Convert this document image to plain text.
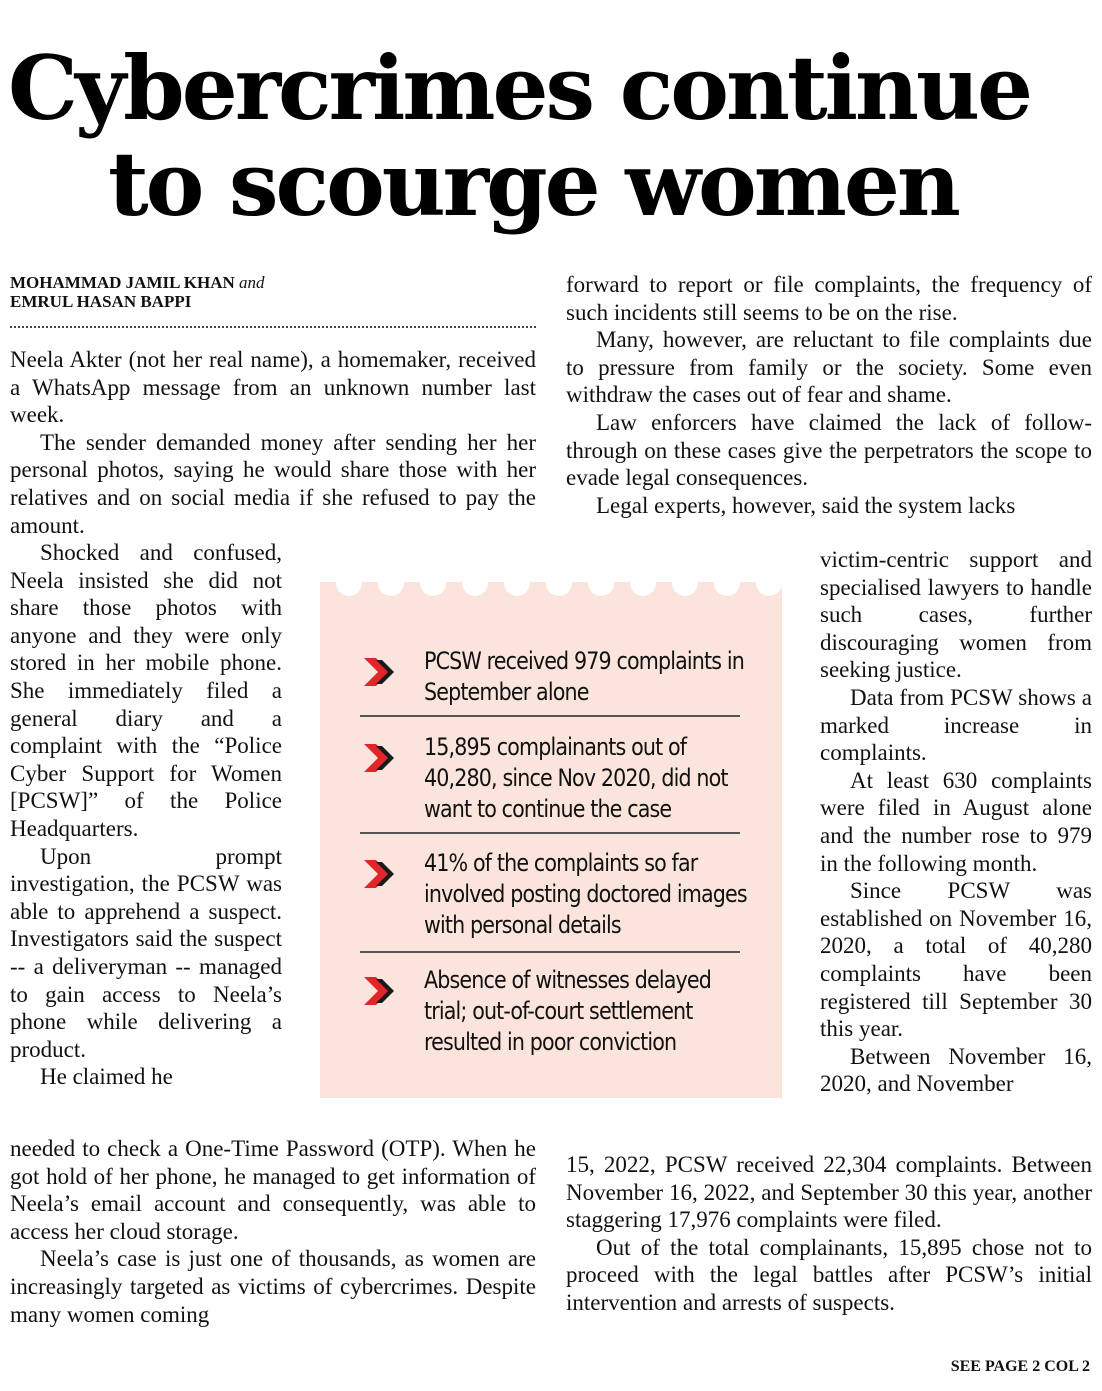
Cybercrimes continue
to scourge women
MOHAMMAD JAMIL KHAN and
EMRUL HASAN BAPPI

Neela Akter (not her real name), a homemaker, received a WhatsApp message from an unknown number last week.

The sender demanded money after sending her her personal photos, saying he would share those with her relatives and on social media if she refused to pay the amount.

Shocked and confused, Neela insisted she did not share those photos with anyone and they were only stored in her mobile phone. She immediately filed a general diary and a complaint with the “Police Cyber Support for Women [PCSW]” of the Police Headquarters.

Upon prompt investigation, the PCSW was able to apprehend a suspect. Investigators said the suspect -- a deliveryman -- managed to gain access to Neela’s phone while delivering a product.

He claimed he

needed to check a One-Time Password (OTP). When he got hold of her phone, he managed to get information of Neela’s email account and consequently, was able to access her cloud storage.

Neela’s case is just one of thousands, as women are increasingly targeted as victims of cybercrimes. Despite many women coming

forward to report or file complaints, the frequency of such incidents still seems to be on the rise.

Many, however, are reluctant to file complaints due to pressure from family or the society. Some even withdraw the cases out of fear and shame.

Law enforcers have claimed the lack of follow-through on these cases give the perpetrators the scope to evade legal consequences.

Legal experts, however, said the system lacks

victim-centric support and specialised lawyers to handle such cases, further discouraging women from seeking justice.

Data from PCSW shows a marked increase in complaints.

At least 630 complaints were filed in August alone and the number rose to 979 in the following month.

Since PCSW was established on November 16, 2020, a total of 40,280 complaints have been registered till September 30 this year.

Between November 16, 2020, and November

15, 2022, PCSW received 22,304 complaints. Between November 16, 2022, and September 30 this year, another staggering 17,976 complaints were filed.

Out of the total complainants, 15,895 chose not to proceed with the legal battles after PCSW’s initial intervention and arrests of suspects.

PCSW received 979 complaints in September alone
15,895 complainants out of 40,280, since Nov 2020, did not want to continue the case
41% of the complaints so far involved posting doctored images with personal details
Absence of witnesses delayed trial; out-of-court settlement resulted in poor conviction
SEE PAGE 2 COL 2
